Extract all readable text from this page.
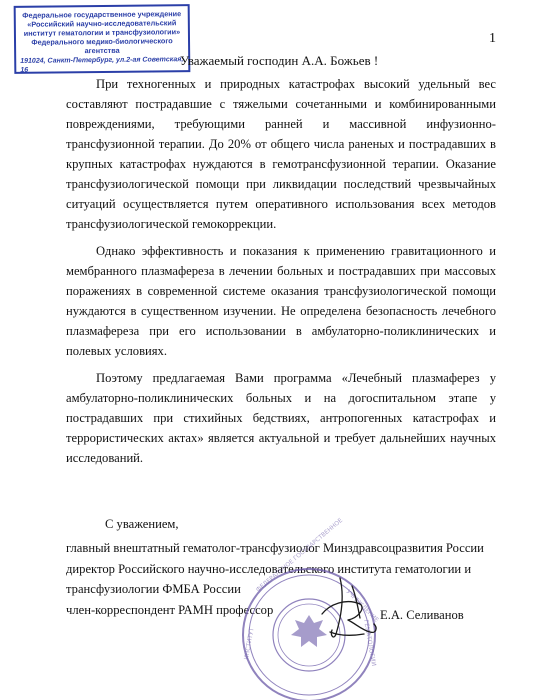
Федеральное государственное учреждение
«Российский научно-исследовательский
институт гематологии и трансфузиологии»
Федерального медико-биологического
агентства
191024, Санкт-Петербург, ул.2-ая Советская, 16
1
Уважаемый господин А.А. Божьев !

При техногенных и природных катастрофах высокий удельный вес составляют пострадавшие с тяжелыми сочетанными и комбинированными повреждениями, требующими ранней и массивной инфузионно-трансфузионной терапии. До 20% от общего числа раненых и пострадавших в крупных катастрофах нуждаются в гемотрансфузионной терапии. Оказание трансфузиологической помощи при ликвидации последствий чрезвычайных ситуаций осуществляется путем оперативного использования всех методов трансфузиологической гемокоррекции.

Однако эффективность и показания к применению гравитационного и мембранного плазмафереза в лечении больных и пострадавших при массовых поражениях в современной системе оказания трансфузиологической помощи нуждаются в существенном изучении. Не определена безопасность лечебного плазмафереза при его использовании в амбулаторно-поликлинических и полевых условиях.

Поэтому предлагаемая Вами программа «Лечебный плазмаферез у амбулаторно-поликлинических больных и на догоспитальном этапе у пострадавших при стихийных бедствиях, антропогенных катастрофах и террористических актах» является актуальной и требует дальнейших научных исследований.

С уважением,
главный внештатный гематолог-трансфузиолог Минздравсоцразвития России
директор Российского научно-исследовательского института гематологии и
трансфузиологии ФМБА России
член-корреспондент РАМН профессор	Е.А. Селиванов
ФЕДЕРАЛЬНОЕ ГОСУДАРСТВЕННОЕ
УЧРЕЖДЕНИЕ
ИНСТИТУТ	ГЕМАТОЛОГИИ
